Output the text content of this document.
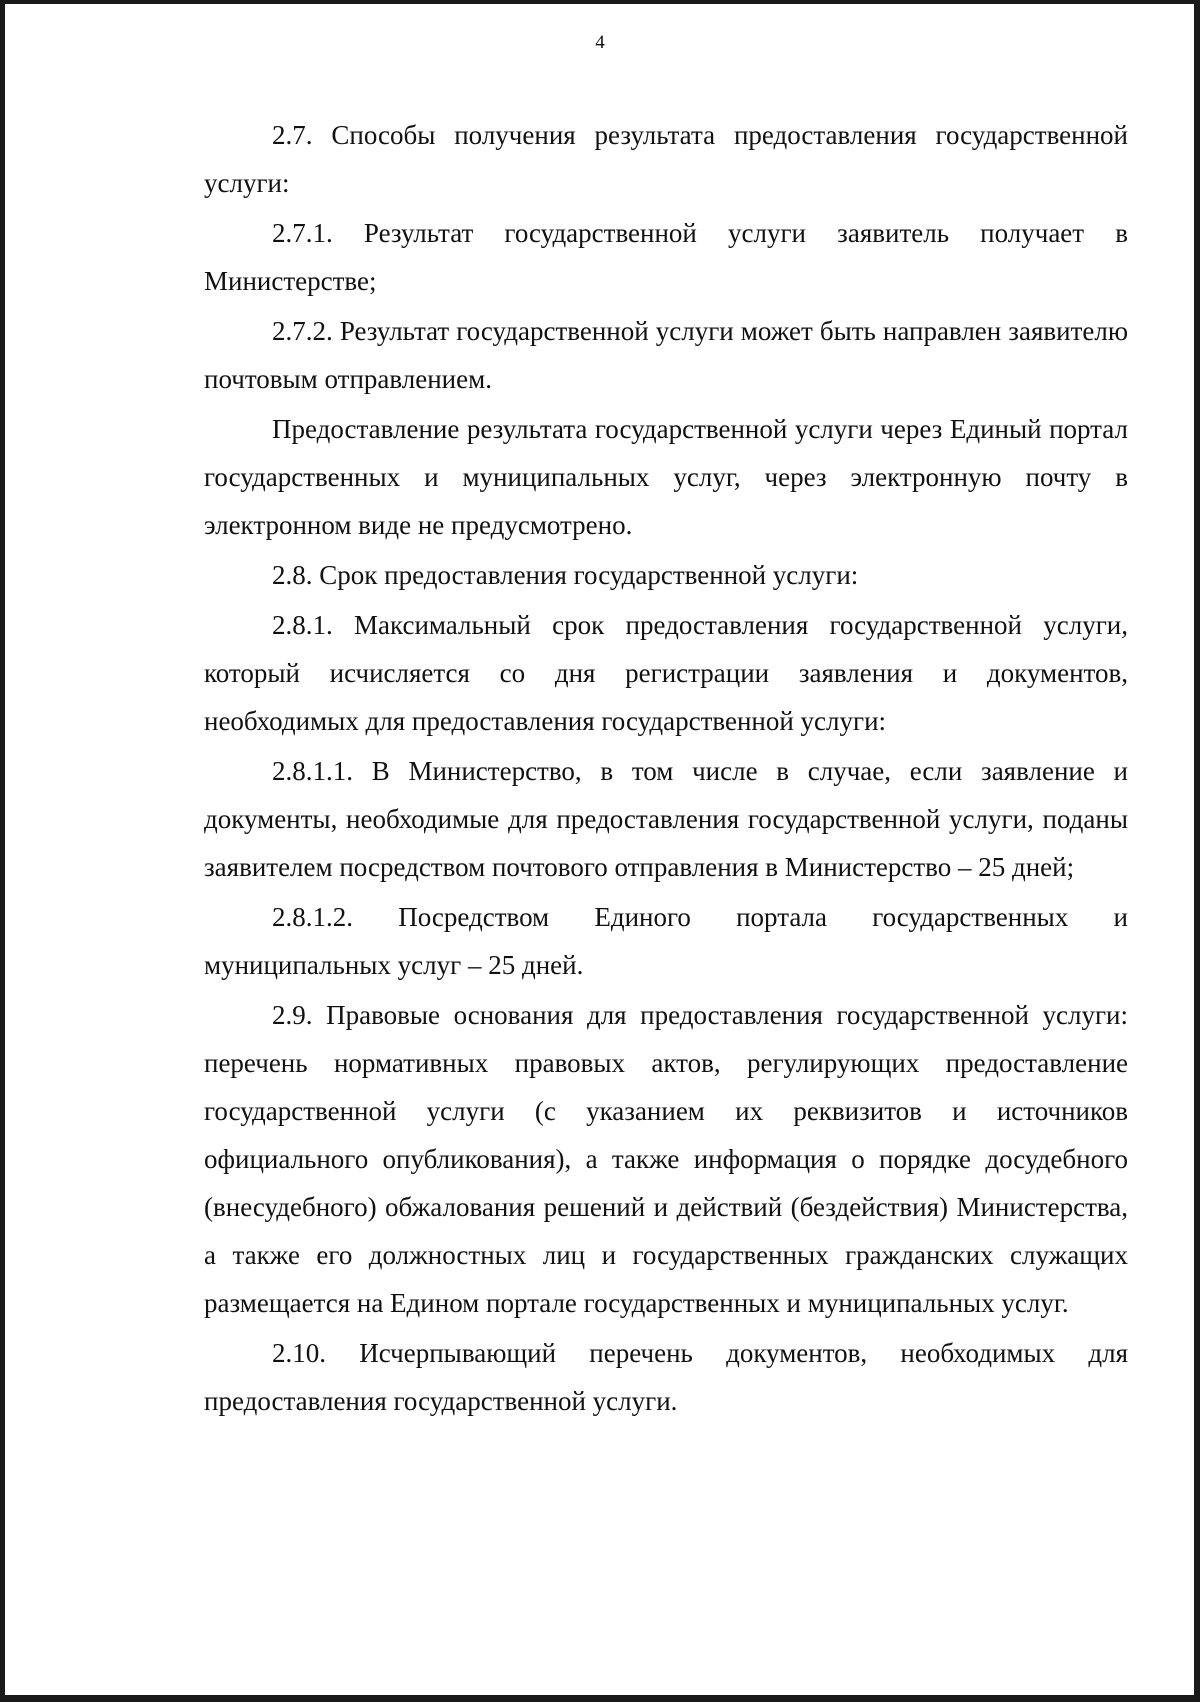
4

2.7. Способы получения результата предоставления государственной услуги:

2.7.1. Результат государственной услуги заявитель получает в Министерстве;

2.7.2. Результат государственной услуги может быть направлен заявителю почтовым отправлением.

Предоставление результата государственной услуги через Единый портал государственных и муниципальных услуг, через электронную почту в электронном виде не предусмотрено.

2.8. Срок предоставления государственной услуги:

2.8.1. Максимальный срок предоставления государственной услуги, который исчисляется со дня регистрации заявления и документов, необходимых для предоставления государственной услуги:

2.8.1.1. В Министерство, в том числе в случае, если заявление и документы, необходимые для предоставления государственной услуги, поданы заявителем посредством почтового отправления в Министерство – 25 дней;

2.8.1.2. Посредством Единого портала государственных и муниципальных услуг – 25 дней.

2.9. Правовые основания для предоставления государственной услуги: перечень нормативных правовых актов, регулирующих предоставление государственной услуги (с указанием их реквизитов и источников официального опубликования), а также информация о порядке досудебного (внесудебного) обжалования решений и действий (бездействия) Министерства, а также его должностных лиц и государственных гражданских служащих размещается на Едином портале государственных и муниципальных услуг.

2.10. Исчерпывающий перечень документов, необходимых для предоставления государственной услуги.
